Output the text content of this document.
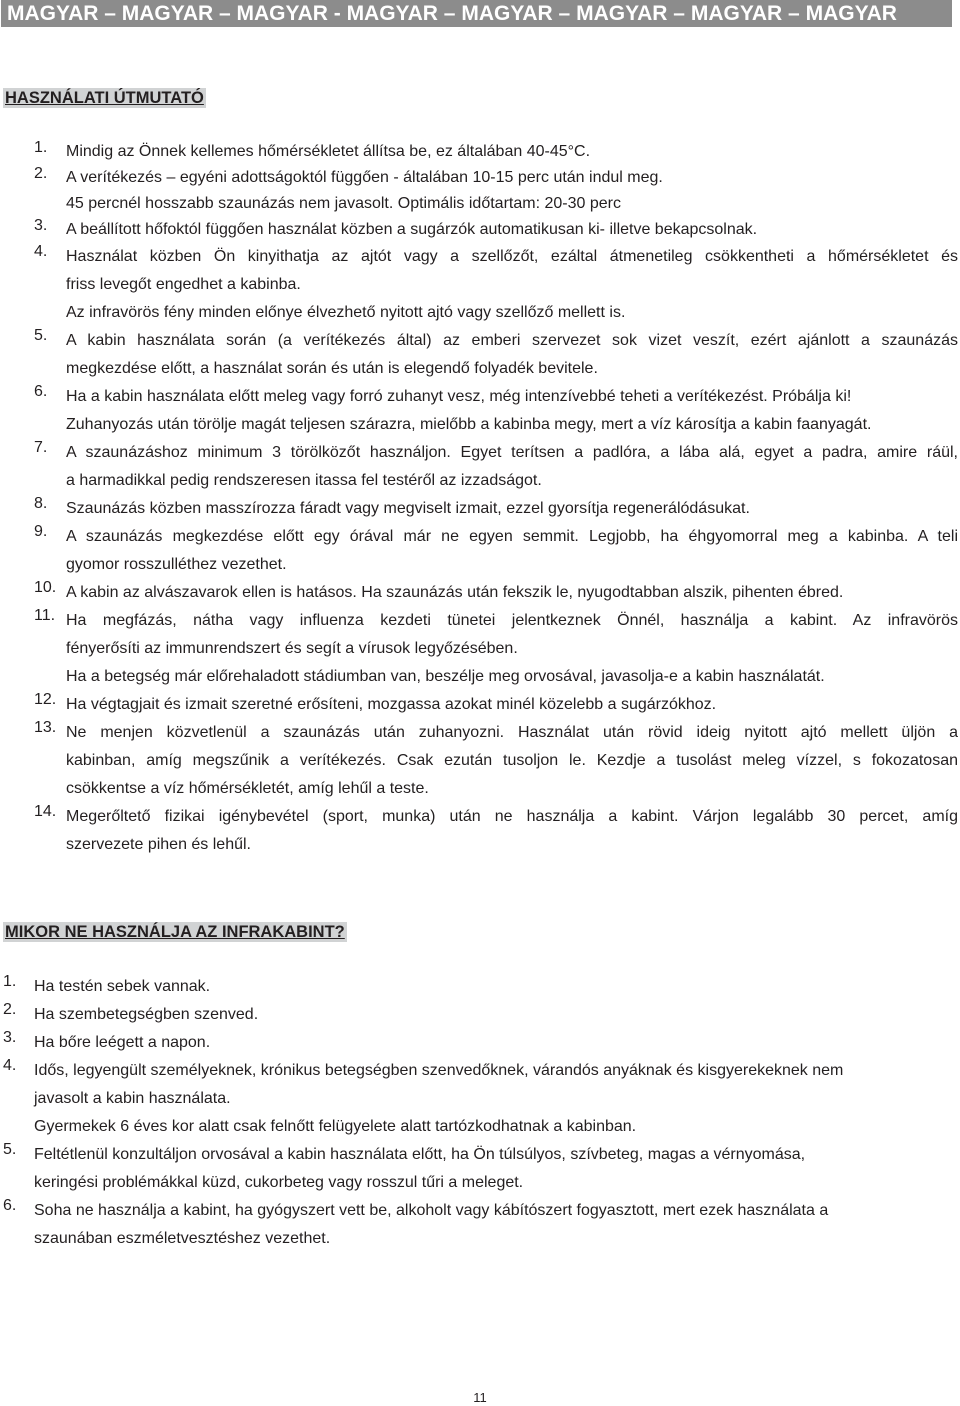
MAGYAR – MAGYAR – MAGYAR - MAGYAR – MAGYAR – MAGYAR – MAGYAR – MAGYAR
HASZNÁLATI ÚTMUTATÓ
1. Mindig az Önnek kellemes hőmérsékletet állítsa be, ez általában 40-45°C.
2. A verítékezés – egyéni adottságoktól függően - általában 10-15 perc után indul meg.
45 percnél hosszabb szaunázás nem javasolt. Optimális időtartam: 20-30 perc
3. A beállított hőfoktól függően használat közben a sugárzók automatikusan ki- illetve bekapcsolnak.
4. Használat közben Ön kinyithatja az ajtót vagy a szellőzőt, ezáltal átmenetileg csökkentheti a hőmérsékletet és
friss levegőt engedhet a kabinba.
Az infravörös fény minden előnye élvezhető nyitott ajtó vagy szellőző mellett is.
5. A kabin használata során (a verítékezés által) az emberi szervezet sok vizet veszít, ezért ajánlott a szaunázás
megkezdése előtt, a használat során és után is elegendő folyadék bevitele.
6. Ha a kabin használata előtt meleg vagy forró zuhanyt vesz, még intenzívebbé teheti a verítékezést. Próbálja ki!
Zuhanyozás után törölje magát teljesen szárazra, mielőbb a kabinba megy, mert a víz károsítja a kabin faanyagát.
7. A szaunázáshoz minimum 3 törölközőt használjon. Egyet terítsen a padlóra, a lába alá, egyet a padra, amire ráül,
a harmadikkal pedig rendszeresen itassa fel testéről az izzadságot.
8. Szaunázás közben masszírozza fáradt vagy megviselt izmait, ezzel gyorsítja regenerálódásukat.
9. A szaunázás megkezdése előtt egy órával már ne egyen semmit. Legjobb, ha éhgyomorral meg a kabinba. A teli
gyomor rosszulléthez vezethet.
10. A kabin az alvászavarok ellen is hatásos. Ha szaunázás után fekszik le, nyugodtabban alszik, pihenten ébred.
11. Ha megfázás, nátha vagy influenza kezdeti tünetei jelentkeznek Önnél, használja a kabint. Az infravörös
fényerősíti az immunrendszert és segít a vírusok legyőzésében.
Ha a betegség már előrehaladott stádiumban van, beszélje meg orvosával, javasolja-e a kabin használatát.
12. Ha végtagjait és izmait szeretné erősíteni, mozgassa azokat minél közelebb a sugárzókhoz.
13. Ne menjen közvetlenül a szaunázás után zuhanyozni. Használat után rövid ideig nyitott ajtó mellett üljön a
kabinban, amíg megszűnik a verítékezés. Csak ezután tusoljon le. Kezdje a tusolást meleg vízzel, s fokozatosan
csökkentse a víz hőmérsékletét, amíg lehűl a teste.
14. Megerőltető fizikai igénybevétel (sport, munka) után ne használja a kabint. Várjon legalább 30 percet, amíg
szervezete pihen és lehűl.
MIKOR NE HASZNÁLJA AZ INFRAKABINT?
1. Ha testén sebek vannak.
2. Ha szembetegségben szenved.
3. Ha bőre leégett a napon.
4. Idős, legyengült személyeknek, krónikus betegségben szenvedőknek, várandós anyáknak és kisgyerekeknek nem
javasolt a kabin használata.
Gyermekek 6 éves kor alatt csak felnőtt felügyelete alatt tartózkodhatnak a kabinban.
5. Feltétlenül konzultáljon orvosával a kabin használata előtt, ha Ön túlsúlyos, szívbeteg, magas a vérnyomása,
keringési problémákkal küzd, cukorbeteg vagy rosszul tűri a meleget.
6. Soha ne használja a kabint, ha gyógyszert vett be, alkoholt vagy kábítószert fogyasztott, mert ezek használata a
szaunában eszméletvesztéshez vezethet.
11
